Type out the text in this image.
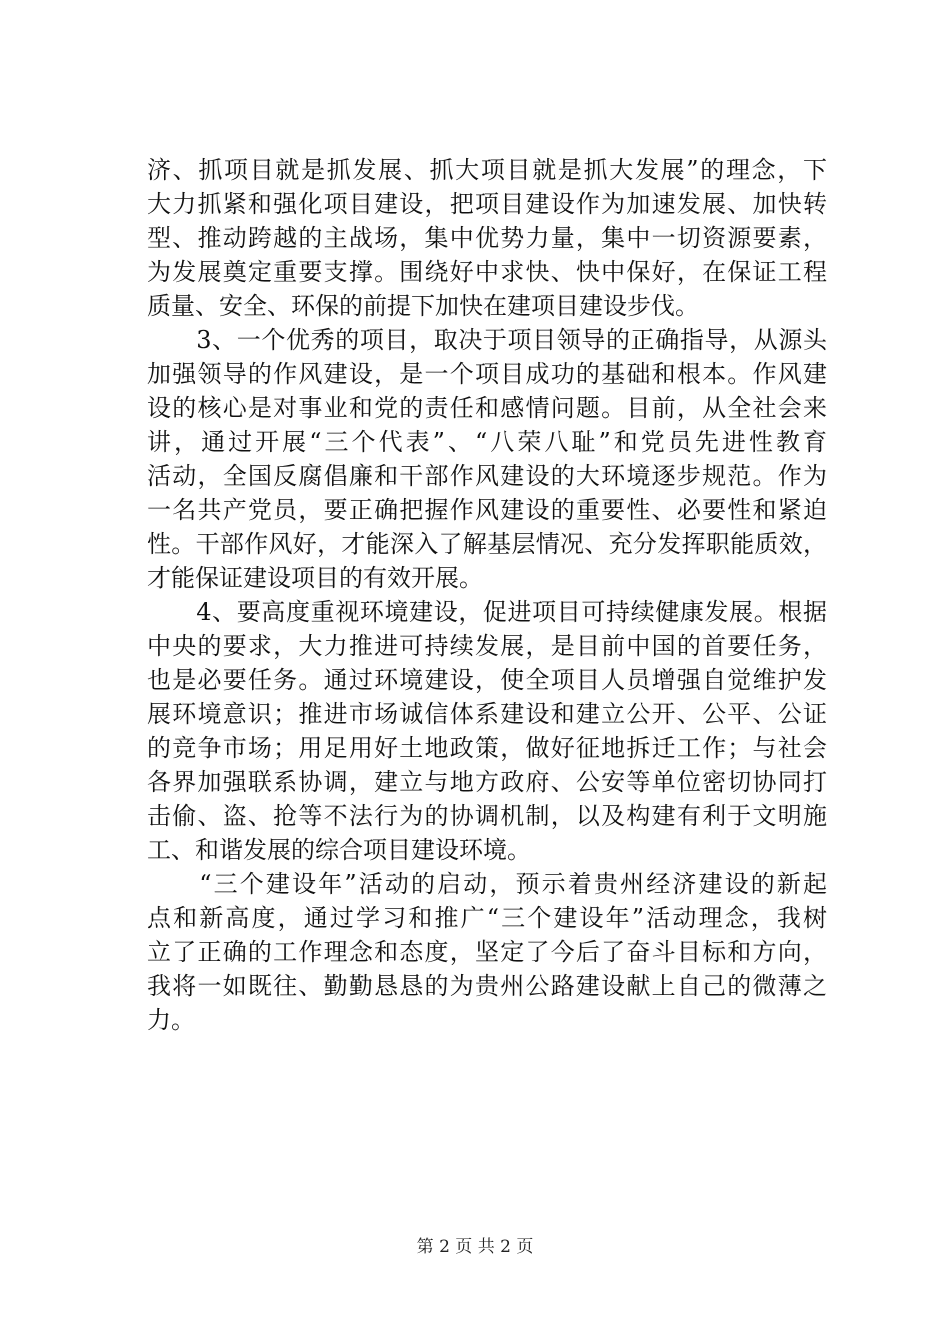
济、抓项目就是抓发展、抓大项目就是抓大发展”的理念，下
大力抓紧和强化项目建设，把项目建设作为加速发展、加快转
型、推动跨越的主战场，集中优势力量，集中一切资源要素，
为发展奠定重要支撑。围绕好中求快、快中保好，在保证工程
质量、安全、环保的前提下加快在建项目建设步伐。
　　3、一个优秀的项目，取决于项目领导的正确指导，从源头
加强领导的作风建设，是一个项目成功的基础和根本。作风建
设的核心是对事业和党的责任和感情问题。目前，从全社会来
讲，通过开展“三个代表”、“八荣八耻”和党员先进性教育
活动，全国反腐倡廉和干部作风建设的大环境逐步规范。作为
一名共产党员，要正确把握作风建设的重要性、必要性和紧迫
性。干部作风好，才能深入了解基层情况、充分发挥职能质效，
才能保证建设项目的有效开展。
　　4、要高度重视环境建设，促进项目可持续健康发展。根据
中央的要求，大力推进可持续发展，是目前中国的首要任务，
也是必要任务。通过环境建设，使全项目人员增强自觉维护发
展环境意识；推进市场诚信体系建设和建立公开、公平、公证
的竞争市场；用足用好土地政策，做好征地拆迁工作；与社会
各界加强联系协调，建立与地方政府、公安等单位密切协同打
击偷、盗、抢等不法行为的协调机制，以及构建有利于文明施
工、和谐发展的综合项目建设环境。
　　“三个建设年”活动的启动，预示着贵州经济建设的新起
点和新高度，通过学习和推广“三个建设年”活动理念，我树
立了正确的工作理念和态度，坚定了今后了奋斗目标和方向，
我将一如既往、勤勤恳恳的为贵州公路建设献上自己的微薄之
力。
第 2 页 共 2 页
